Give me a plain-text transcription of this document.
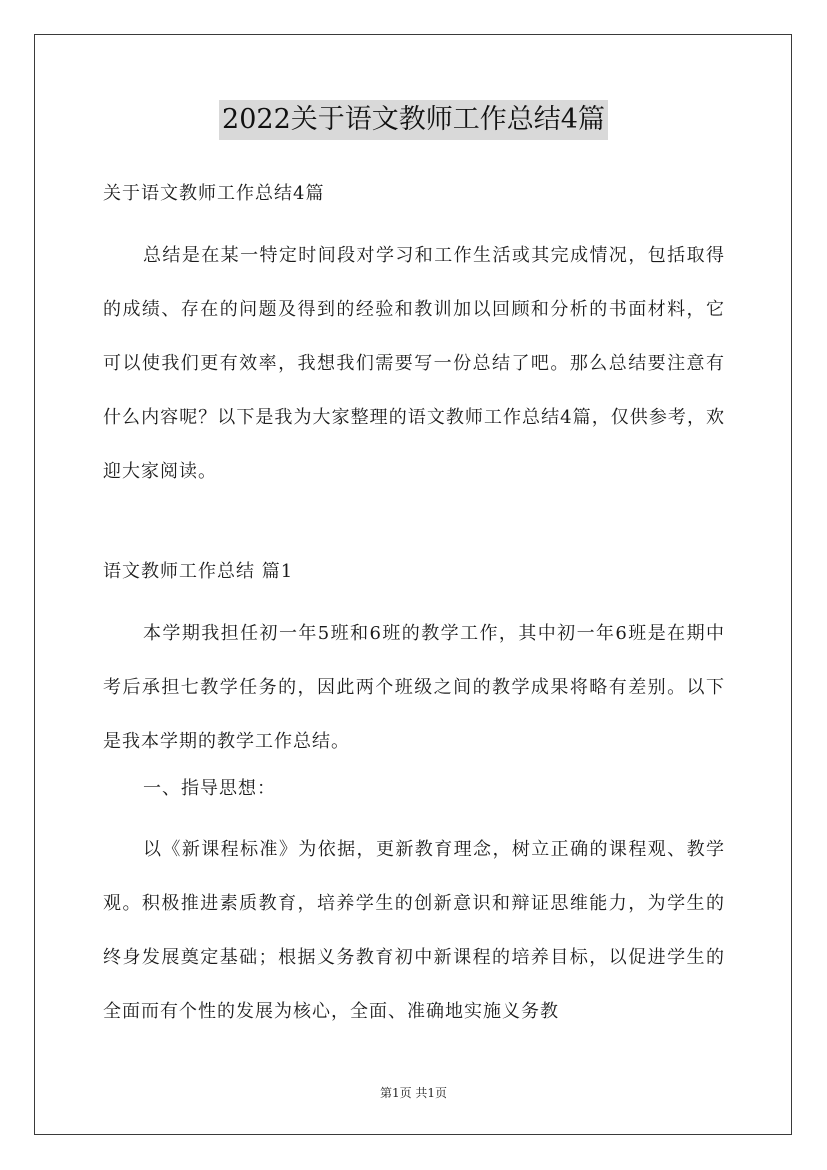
2022关于语文教师工作总结4篇
关于语文教师工作总结4篇
总结是在某一特定时间段对学习和工作生活或其完成情况，包括取得的成绩、存在的问题及得到的经验和教训加以回顾和分析的书面材料，它可以使我们更有效率，我想我们需要写一份总结了吧。那么总结要注意有什么内容呢？以下是我为大家整理的语文教师工作总结4篇，仅供参考，欢迎大家阅读。
语文教师工作总结 篇1
本学期我担任初一年5班和6班的教学工作，其中初一年6班是在期中考后承担七教学任务的，因此两个班级之间的教学成果将略有差别。以下是我本学期的教学工作总结。
一、指导思想：
以《新课程标准》为依据，更新教育理念，树立正确的课程观、教学观。积极推进素质教育，培养学生的创新意识和辩证思维能力，为学生的终身发展奠定基础；根据义务教育初中新课程的培养目标，以促进学生的全面而有个性的发展为核心，全面、准确地实施义务教
第1页 共1页
